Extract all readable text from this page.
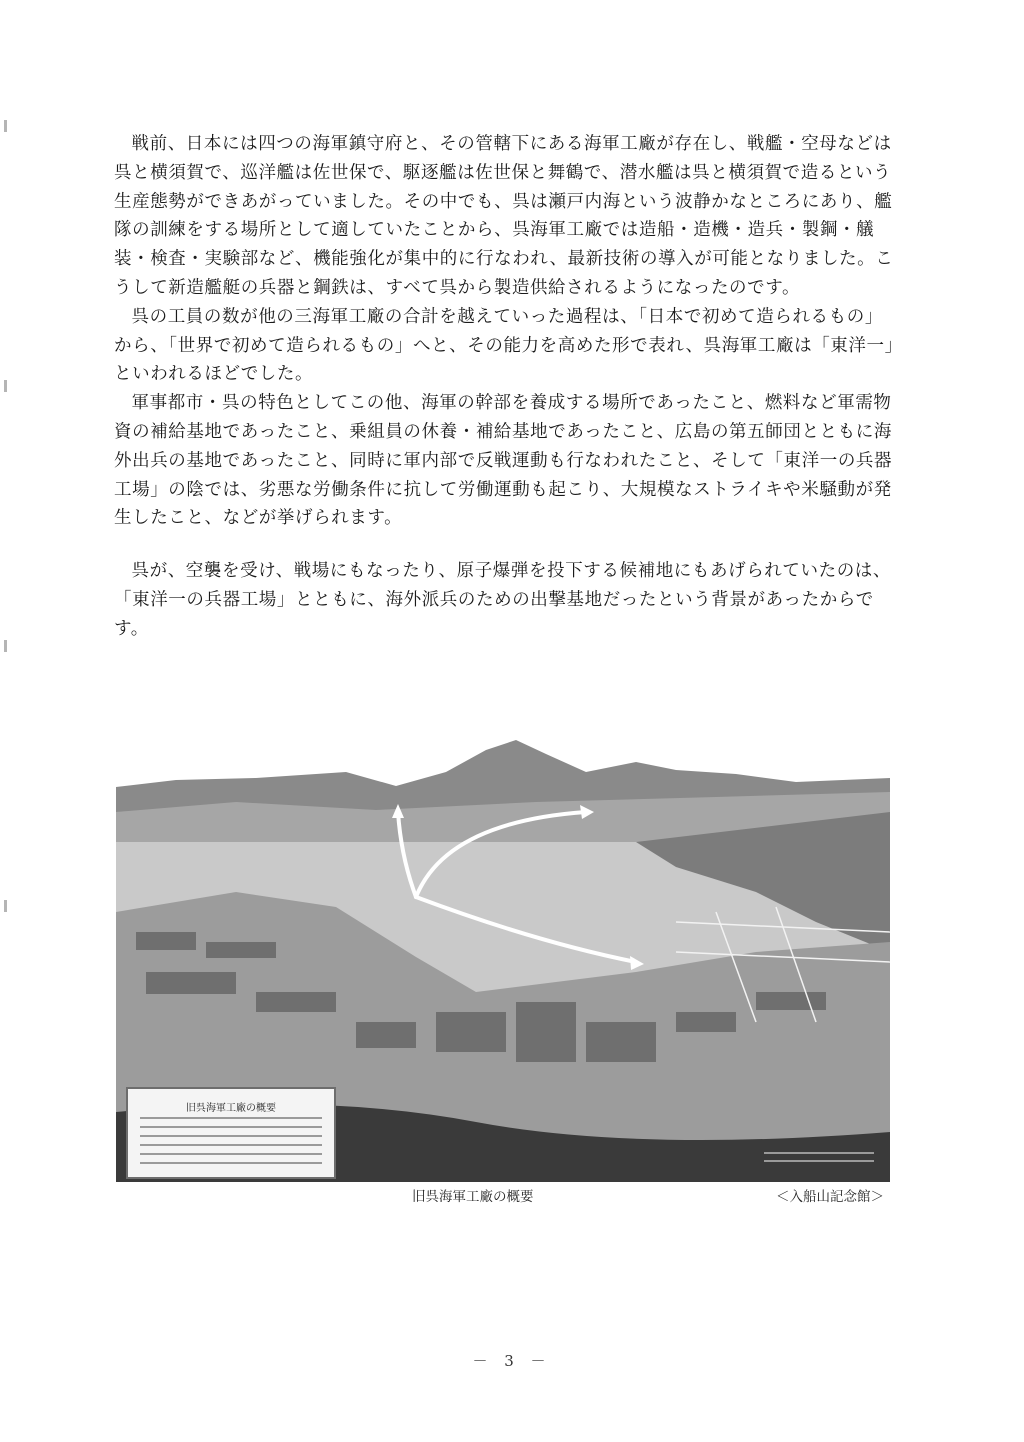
戦前、日本には四つの海軍鎮守府と、その管轄下にある海軍工廠が存在し、戦艦・空母などは呉と横須賀で、巡洋艦は佐世保で、駆逐艦は佐世保と舞鶴で、潜水艦は呉と横須賀で造るという生産態勢ができあがっていました。その中でも、呉は瀬戸内海という波静かなところにあり、艦隊の訓練をする場所として適していたことから、呉海軍工廠では造船・造機・造兵・製鋼・艤装・検査・実験部など、機能強化が集中的に行なわれ、最新技術の導入が可能となりました。こうして新造艦艇の兵器と鋼鉄は、すべて呉から製造供給されるようになったのです。

呉の工員の数が他の三海軍工廠の合計を越えていった過程は、「日本で初めて造られるもの」から、「世界で初めて造られるもの」へと、その能力を高めた形で表れ、呉海軍工廠は「東洋一」といわれるほどでした。

軍事都市・呉の特色としてこの他、海軍の幹部を養成する場所であったこと、燃料など軍需物資の補給基地であったこと、乗組員の休養・補給基地であったこと、広島の第五師団とともに海外出兵の基地であったこと、同時に軍内部で反戦運動も行なわれたこと、そして「東洋一の兵器工場」の陰では、劣悪な労働条件に抗して労働運動も起こり、大規模なストライキや米騒動が発生したこと、などが挙げられます。

呉が、空襲を受け、戦場にもなったり、原子爆弾を投下する候補地にもあげられていたのは、「東洋一の兵器工場」とともに、海外派兵のための出撃基地だったという背景があったからです。

旧呉海軍工廠の概要
旧呉海軍工廠の概要	＜入船山記念館＞
－ 3 －
